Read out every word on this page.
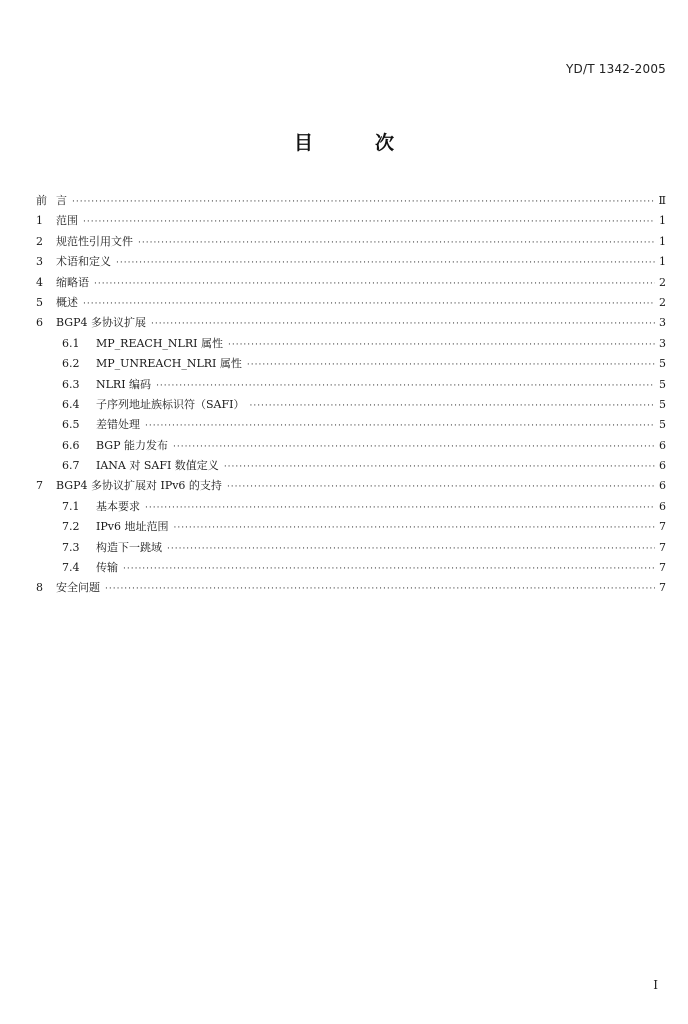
YD/T 1342-2005
目	次
前 言 ·····	Ⅱ
1	范围 ·····	1
2	规范性引用文件 ·····	1
3	术语和定义 ·····	1
4	缩略语 ·····	2
5	概述 ·····	2
6	BGP4 多协议扩展 ·····	3
6.1	MP_REACH_NLRI 属性 ·····	3
6.2	MP_UNREACH_NLRI 属性 ·····	5
6.3	NLRI 编码 ·····	5
6.4	子序列地址族标识符（SAFI） ·····	5
6.5	差错处理 ·····	5
6.6	BGP 能力发布 ·····	6
6.7	IANA 对 SAFI 数值定义 ·····	6
7	BGP4 多协议扩展对 IPv6 的支持 ·····	6
7.1	基本要求 ·····	6
7.2	IPv6 地址范围 ·····	7
7.3	构造下一跳域 ·····	7
7.4	传输 ·····	7
8	安全问题 ·····	7
I
